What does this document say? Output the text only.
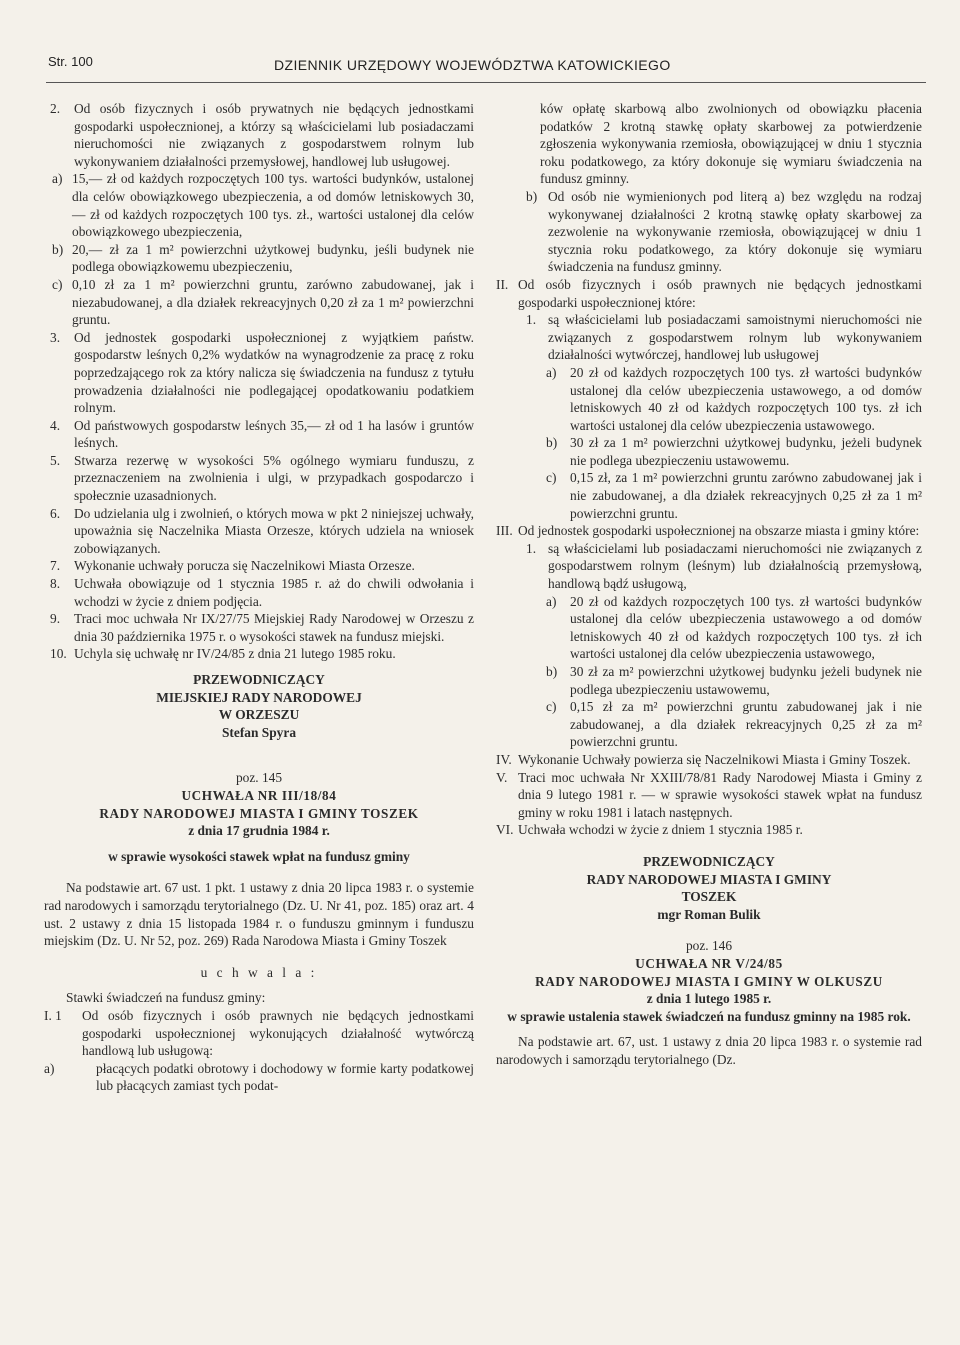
Str. 100	DZIENNIK URZĘDOWY WOJEWÓDZTWA KATOWICKIEGO
2. Od osób fizycznych i osób prywatnych nie będących jednostkami gospodarki uspołecznionej, a którzy są właścicielami lub posiadaczami nieruchomości nie związanych z gospodarstwem rolnym lub wykonywaniem działalności przemysłowej, handlowej lub usługowej.
a) 15,— zł od każdych rozpoczętych 100 tys. wartości budynków, ustalonej dla celów obowiązkowego ubezpieczenia, a od domów letniskowych 30,— zł od każdych rozpoczętych 100 tys. zł., wartości ustalonej dla celów obowiązkowego ubezpieczenia,
b) 20,— zł za 1 m² powierzchni użytkowej budynku, jeśli budynek nie podlega obowiązkowemu ubezpieczeniu,
c) 0,10 zł za 1 m² powierzchni gruntu, zarówno zabudowanej, jak i niezabudowanej, a dla działek rekreacyjnych 0,20 zł za 1 m² powierzchni gruntu.
3. Od jednostek gospodarki uspołecznionej z wyjątkiem państw. gospodarstw leśnych 0,2% wydatków na wynagrodzenie za pracę z roku poprzedzającego rok za który nalicza się świadczenia na fundusz z tytułu prowadzenia działalności nie podlegającej opodatkowaniu podatkiem rolnym.
4. Od państwowych gospodarstw leśnych 35,— zł od 1 ha lasów i gruntów leśnych.
5. Stwarza rezerwę w wysokości 5% ogólnego wymiaru funduszu, z przeznaczeniem na zwolnienia i ulgi, w przypadkach gospodarczo i społecznie uzasadnionych.
6. Do udzielania ulg i zwolnień, o których mowa w pkt 2 niniejszej uchwały, upoważnia się Naczelnika Miasta Orzesze, których udziela na wniosek zobowiązanych.
7. Wykonanie uchwały porucza się Naczelnikowi Miasta Orzesze.
8. Uchwała obowiązuje od 1 stycznia 1985 r. aż do chwili odwołania i wchodzi w życie z dniem podjęcia.
9. Traci moc uchwała Nr IX/27/75 Miejskiej Rady Narodowej w Orzeszu z dnia 30 października 1975 r. o wysokości stawek na fundusz miejski.
10. Uchyla się uchwałę nr IV/24/85 z dnia 21 lutego 1985 roku.
PRZEWODNICZĄCY
MIEJSKIEJ RADY NARODOWEJ
W ORZESZU
Stefan Spyra
poz. 145
UCHWAŁA NR III/18/84
RADY NARODOWEJ MIASTA I GMINY TOSZEK
z dnia 17 grudnia 1984 r.
w sprawie wysokości stawek wpłat na fundusz gminy

Na podstawie art. 67 ust. 1 pkt. 1 ustawy z dnia 20 lipca 1983 r. o systemie rad narodowych i samorządu terytorialnego (Dz. U. Nr 41, poz. 185) oraz art. 4 ust. 2 ustawy z dnia 15 listopada 1984 r. o funduszu gminnym i funduszu miejskim (Dz. U. Nr 52, poz. 269) Rada Narodowa Miasta i Gminy Toszek

u c h w a l a :

Stawki świadczeń na fundusz gminy:

I. 1 Od osób fizycznych i osób prawnych nie będących jednostkami gospodarki uspołecznionej wykonujących działalność wytwórczą handlową lub usługową:
a)	płacących podatki obrotowy i dochodowy w formie karty podatkowej lub płacących zamiast tych podat-

ków opłatę skarbową albo zwolnionych od obowiązku płacenia podatków 2 krotną stawkę opłaty skarbowej za potwierdzenie zgłoszenia wykonywania rzemiosła, obowiązującej w dniu 1 stycznia roku podatkowego, za który dokonuje się wymiaru świadczenia na fundusz gminny.

b) Od osób nie wymienionych pod literą a) bez względu na rodzaj wykonywanej działalności 2 krotną stawkę opłaty skarbowej za zezwolenie na wykonywanie rzemiosła, obowiązującej w dniu 1 stycznia roku podatkowego, za który dokonuje się wymiaru świadczenia na fundusz gminny.
II. Od osób fizycznych i osób prawnych nie będących jednostkami gospodarki uspołecznionej które:
1. są właścicielami lub posiadaczami samoistnymi nieruchomości nie związanych z gospodarstwem rolnym lub wykonywaniem działalności wytwórczej, handlowej lub usługowej
a) 20 zł od każdych rozpoczętych 100 tys. zł wartości budynków ustalonej dla celów ubezpieczenia ustawowego, a od domów letniskowych 40 zł od każdych rozpoczętych 100 tys. zł ich wartości ustalonej dla celów ubezpieczenia ustawowego.
b) 30 zł za 1 m² powierzchni użytkowej budynku, jeżeli budynek nie podlega ubezpieczeniu ustawowemu.
c) 0,15 zł, za 1 m² powierzchni gruntu zarówno zabudowanej jak i nie zabudowanej, a dla działek rekreacyjnych 0,25 zł za 1 m² powierzchni gruntu.
III. Od jednostek gospodarki uspołecznionej na obszarze miasta i gminy które:
1. są właścicielami lub posiadaczami nieruchomości nie związanych z gospodarstwem rolnym (leśnym) lub działalnością przemysłową, handlową bądź usługową,
a) 20 zł od każdych rozpoczętych 100 tys. zł wartości budynków ustalonej dla celów ubezpieczenia ustawowego a od domów letniskowych 40 zł od każdych rozpoczętych 100 tys. zł ich wartości ustalonej dla celów ubezpieczenia ustawowego,
b) 30 zł za m² powierzchni użytkowej budynku jeżeli budynek nie podlega ubezpieczeniu ustawowemu,
c) 0,15 zł za m² powierzchni gruntu zabudowanej jak i nie zabudowanej, a dla działek rekreacyjnych 0,25 zł za m² powierzchni gruntu.
IV. Wykonanie Uchwały powierza się Naczelnikowi Miasta i Gminy Toszek.
V. Traci moc uchwała Nr XXIII/78/81 Rady Narodowej Miasta i Gminy z dnia 9 lutego 1981 r. — w sprawie wysokości stawek wpłat na fundusz gminy w roku 1981 i latach następnych.
VI. Uchwała wchodzi w życie z dniem 1 stycznia 1985 r.
PRZEWODNICZĄCY
RADY NARODOWEJ MIASTA I GMINY
TOSZEK
mgr Roman Bulik
poz. 146
UCHWAŁA NR V/24/85
RADY NARODOWEJ MIASTA I GMINY W OLKUSZU
z dnia 1 lutego 1985 r.
w sprawie ustalenia stawek świadczeń na fundusz gminny na 1985 rok.

Na podstawie art. 67, ust. 1 ustawy z dnia 20 lipca 1983 r. o systemie rad narodowych i samorządu terytorialnego (Dz.
